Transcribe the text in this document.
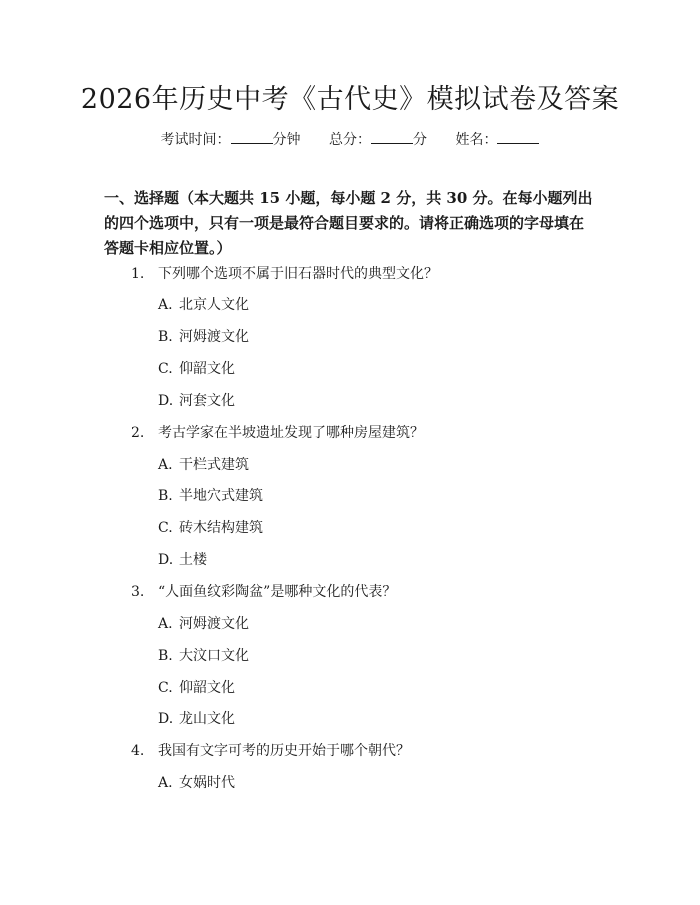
2026年历史中考《古代史》模拟试卷及答案
考试时间：	分钟 总分：	分 姓名：
一、选择题（本大题共 15 小题，每小题 2 分，共 30 分。在每小题列出的四个选项中，只有一项是最符合题目要求的。请将正确选项的字母填在答题卡相应位置。）
1. 下列哪个选项不属于旧石器时代的典型文化？
A. 北京人文化
B. 河姆渡文化
C. 仰韶文化
D. 河套文化
2. 考古学家在半坡遗址发现了哪种房屋建筑？
A. 干栏式建筑
B. 半地穴式建筑
C. 砖木结构建筑
D. 土楼
3. “人面鱼纹彩陶盆”是哪种文化的代表？
A. 河姆渡文化
B. 大汶口文化
C. 仰韶文化
D. 龙山文化
4. 我国有文字可考的历史开始于哪个朝代？
A. 女娲时代
